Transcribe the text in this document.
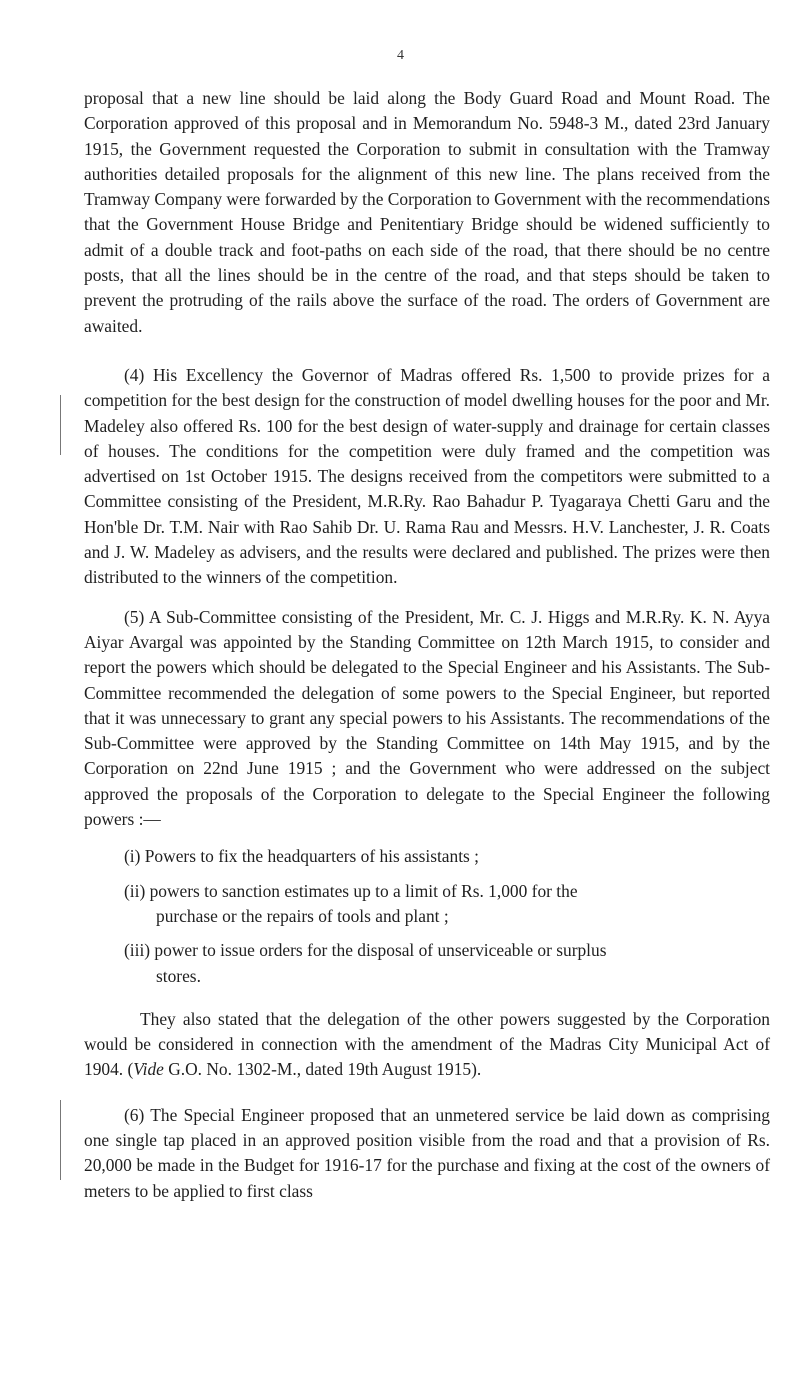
4

proposal that a new line should be laid along the Body Guard Road and Mount Road. The Corporation approved of this proposal and in Memorandum No. 5948-3 M., dated 23rd January 1915, the Government requested the Corporation to submit in consultation with the Tramway authorities detailed proposals for the alignment of this new line. The plans received from the Tramway Company were forwarded by the Corporation to Government with the recommendations that the Government House Bridge and Penitentiary Bridge should be widened sufficiently to admit of a double track and foot-paths on each side of the road, that there should be no centre posts, that all the lines should be in the centre of the road, and that steps should be taken to prevent the protruding of the rails above the surface of the road. The orders of Government are awaited.

(4) His Excellency the Governor of Madras offered Rs. 1,500 to provide prizes for a competition for the best design for the construction of model dwelling houses for the poor and Mr. Madeley also offered Rs. 100 for the best design of water-supply and drainage for certain classes of houses. The conditions for the competition were duly framed and the competition was advertised on 1st October 1915. The designs received from the competitors were submitted to a Committee consisting of the President, M.R.Ry. Rao Bahadur P. Tyagaraya Chetti Garu and the Hon'ble Dr. T.M. Nair with Rao Sahib Dr. U. Rama Rau and Messrs. H.V. Lanchester, J. R. Coats and J. W. Madeley as advisers, and the results were declared and published. The prizes were then distributed to the winners of the competition.

(5) A Sub-Committee consisting of the President, Mr. C. J. Higgs and M.R.Ry. K. N. Ayya Aiyar Avargal was appointed by the Standing Committee on 12th March 1915, to consider and report the powers which should be delegated to the Special Engineer and his Assistants. The Sub-Committee recommended the delegation of some powers to the Special Engineer, but reported that it was unnecessary to grant any special powers to his Assistants. The recommendations of the Sub-Committee were approved by the Standing Committee on 14th May 1915, and by the Corporation on 22nd June 1915 ; and the Government who were addressed on the subject approved the proposals of the Corporation to delegate to the Special Engineer the following powers :—

(i) Powers to fix the headquarters of his assistants ;

(ii) powers to sanction estimates up to a limit of Rs. 1,000 for the
purchase or the repairs of tools and plant ;

(iii) power to issue orders for the disposal of unserviceable or surplus
stores.

They also stated that the delegation of the other powers suggested by the Corporation would be considered in connection with the amendment of the Madras City Municipal Act of 1904. (Vide G.O. No. 1302-M., dated 19th August 1915).

(6) The Special Engineer proposed that an unmetered service be laid down as comprising one single tap placed in an approved position visible from the road and that a provision of Rs. 20,000 be made in the Budget for 1916-17 for the purchase and fixing at the cost of the owners of meters to be applied to first class
